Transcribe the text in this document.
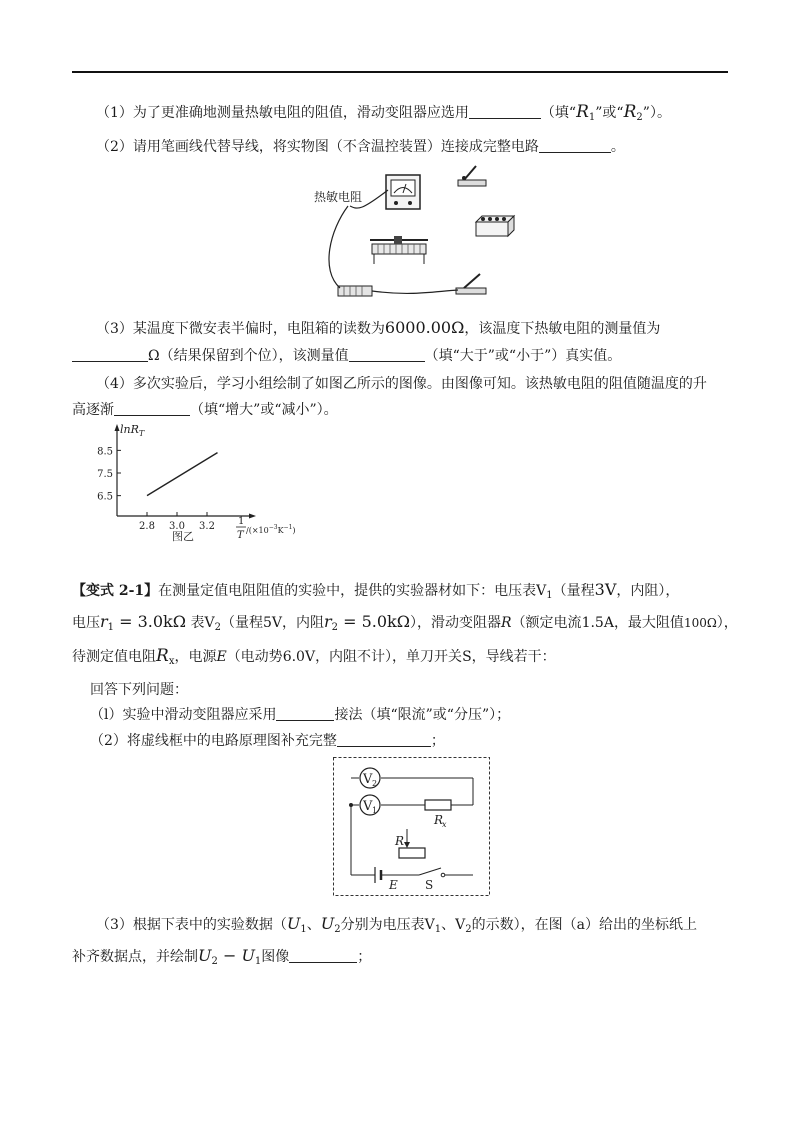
（1）为了更准确地测量热敏电阻的阻值，滑动变阻器应选用	（填“$R_1$”或“$R_2$”）。
（2）请用笔画线代替导线，将实物图（不含温控装置）连接成完整电路	。
热敏电阻
（3）某温度下微安表半偏时，电阻箱的读数为6000.00Ω，该温度下热敏电阻的测量值为
Ω（结果保留到个位），该测量值	（填“大于”或“小于”）真实值。
（4）多次实验后，学习小组绘制了如图乙所示的图像。由图像可知。该热敏电阻的阻值随温度的升
高逐渐	（填“增大”或“减小”）。
lnR$_T$
2.8 3.0 3.2
6.5
7.5
8.5
图乙
1
T $/(\times 10^{-3}K^{-1})$
【变式 2-1】在测量定值电阻阻值的实验中，提供的实验器材如下：电压表$V_1$（量程3V，内阻），
电压$r_1 = 3.0k\Omega$ 表$V_2$（量程5V，内阻$r_2 = 5.0k\Omega$），滑动变阻器R（额定电流1.5A，最大阻值100Ω），
待测定值电阻$R_x$，电源E（电动势6.0V，内阻不计），单刀开关S，导线若干：
回答下列问题：
（l）实验中滑动变阻器应采用	接法（填“限流”或“分压”）；
（2）将虚线框中的电路原理图补充完整	；
V 2
V 1
R
x
R
E S
（3）根据下表中的实验数据（$U_1$、$U_2$分别为电压表$V_1$、$V_2$的示数），在图（a）给出的坐标纸上
补齐数据点，并绘制$U_2 - U_1$图像	；
